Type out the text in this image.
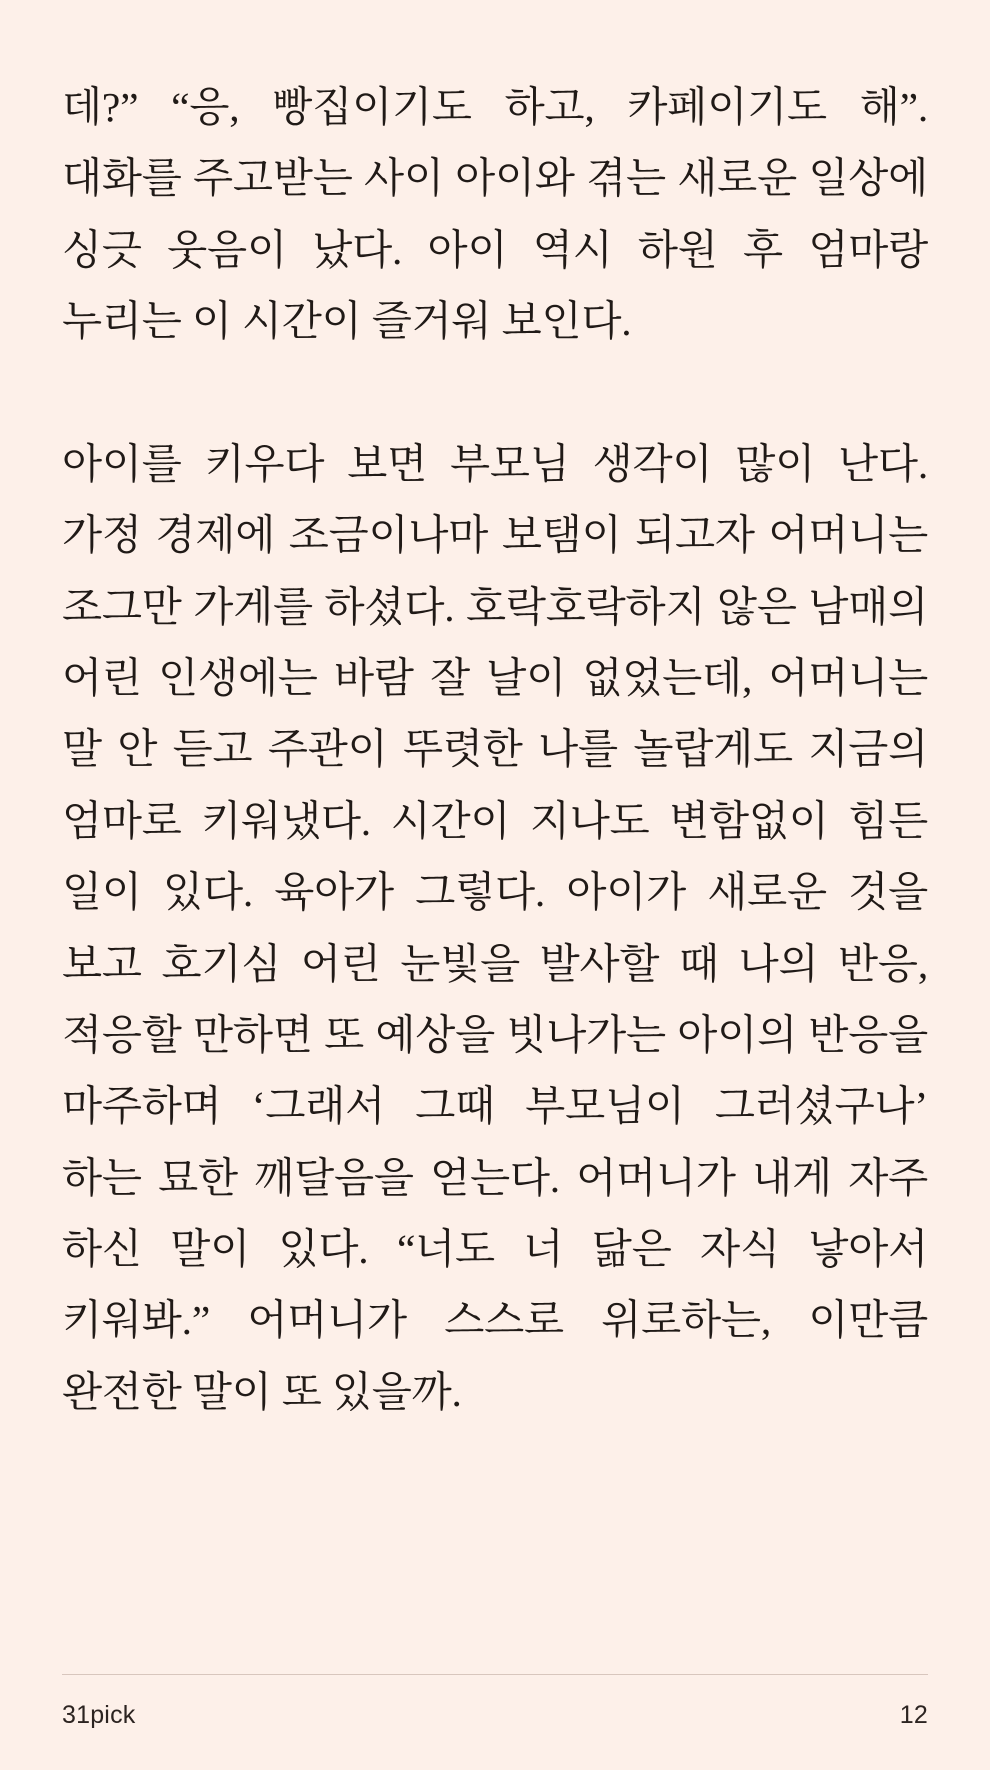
데?” “응, 빵집이기도 하고, 카페이기도 해”. 대화를 주고받는 사이 아이와 겪는 새로운 일상에 싱긋 웃음이 났다. 아이 역시 하원 후 엄마랑 누리는 이 시간이 즐거워 보인다.

아이를 키우다 보면 부모님 생각이 많이 난다. 가정 경제에 조금이나마 보탬이 되고자 어머니는 조그만 가게를 하셨다. 호락호락하지 않은 남매의 어린 인생에는 바람 잘 날이 없었는데, 어머니는 말 안 듣고 주관이 뚜렷한 나를 놀랍게도 지금의 엄마로 키워냈다. 시간이 지나도 변함없이 힘든 일이 있다. 육아가 그렇다. 아이가 새로운 것을 보고 호기심 어린 눈빛을 발사할 때 나의 반응, 적응할 만하면 또 예상을 빗나가는 아이의 반응을 마주하며 ‘그래서 그때 부모님이 그러셨구나’ 하는 묘한 깨달음을 얻는다. 어머니가 내게 자주 하신 말이 있다. “너도 너 닮은 자식 낳아서 키워봐.” 어머니가 스스로 위로하는, 이만큼 완전한 말이 또 있을까.

31pick	12
